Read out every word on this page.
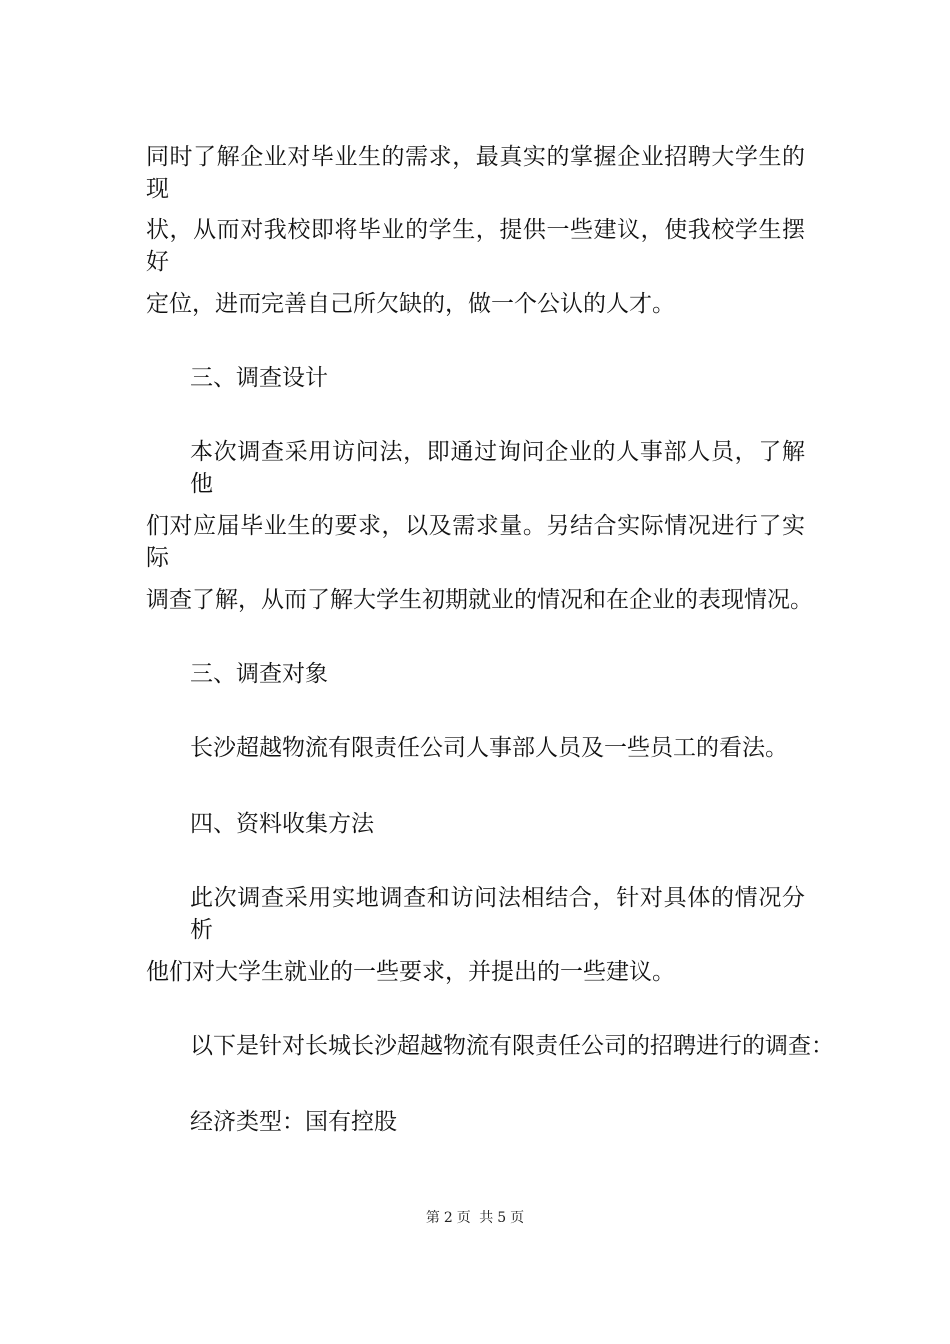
同时了解企业对毕业生的需求，最真实的掌握企业招聘大学生的现
状，从而对我校即将毕业的学生，提供一些建议，使我校学生摆好
定位，进而完善自己所欠缺的，做一个公认的人才。
三、调查设计
本次调查采用访问法，即通过询问企业的人事部人员，了解他
们对应届毕业生的要求，以及需求量。另结合实际情况进行了实际
调查了解，从而了解大学生初期就业的情况和在企业的表现情况。
三、调查对象
长沙超越物流有限责任公司人事部人员及一些员工的看法。
四、资料收集方法
此次调查采用实地调查和访问法相结合，针对具体的情况分析
他们对大学生就业的一些要求，并提出的一些建议。
以下是针对长城长沙超越物流有限责任公司的招聘进行的调查：
经济类型：国有控股
第 2 页 共 5 页
